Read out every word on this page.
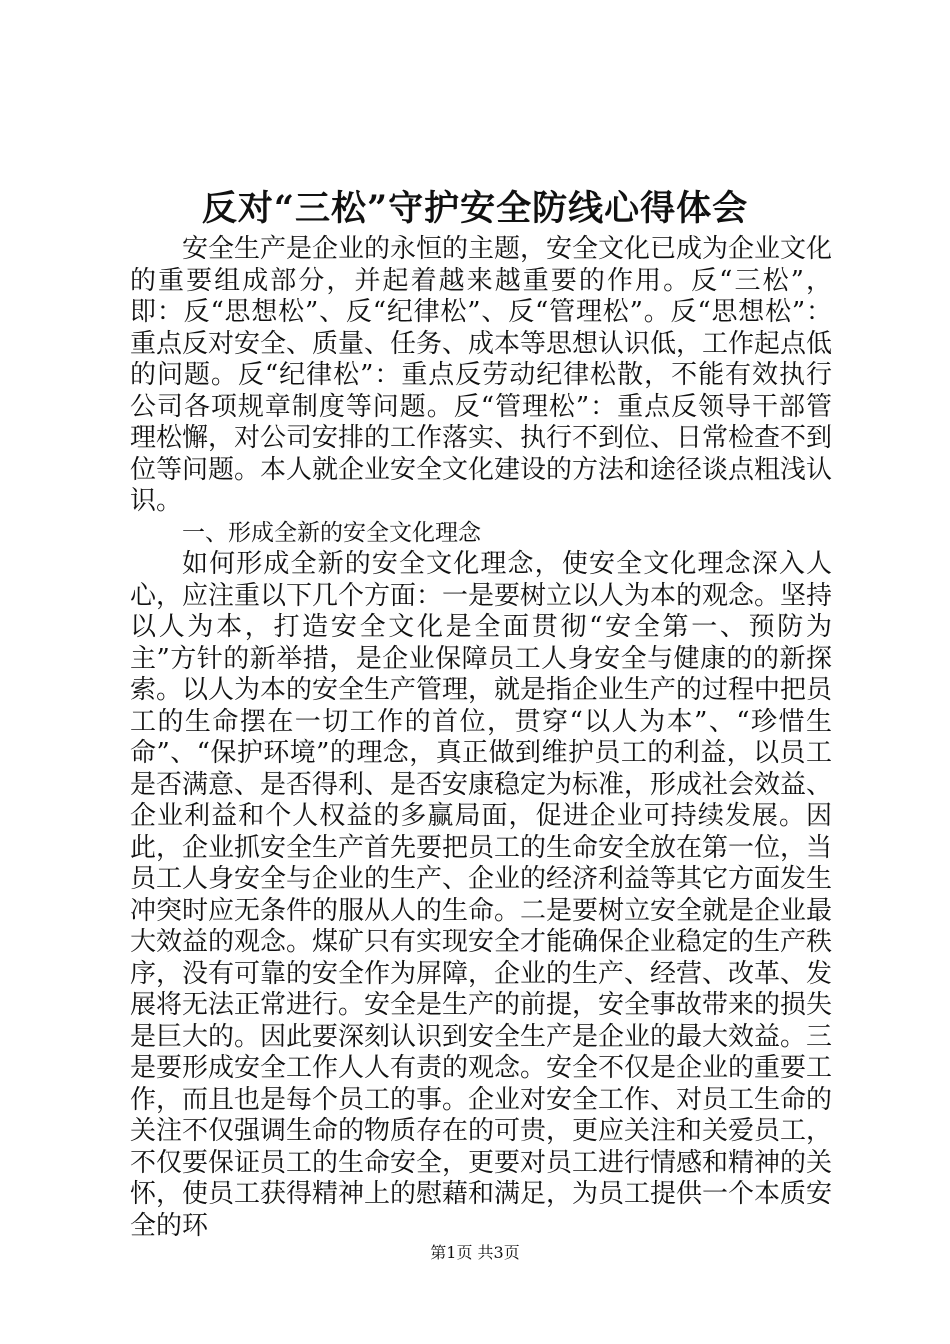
反对“三松”守护安全防线心得体会

安全生产是企业的永恒的主题，安全文化已成为企业文化的重要组成部分，并起着越来越重要的作用。反“三松”，即：反“思想松”、反“纪律松”、反“管理松”。反“思想松”：重点反对安全、质量、任务、成本等思想认识低，工作起点低的问题。反“纪律松”：重点反劳动纪律松散，不能有效执行公司各项规章制度等问题。反“管理松”：重点反领导干部管理松懈，对公司安排的工作落实、执行不到位、日常检查不到位等问题。本人就企业安全文化建设的方法和途径谈点粗浅认识。

一、形成全新的安全文化理念

如何形成全新的安全文化理念，使安全文化理念深入人心，应注重以下几个方面：一是要树立以人为本的观念。坚持以人为本，打造安全文化是全面贯彻“安全第一、预防为主”方针的新举措，是企业保障员工人身安全与健康的的新探索。以人为本的安全生产管理，就是指企业生产的过程中把员工的生命摆在一切工作的首位，贯穿“以人为本”、“珍惜生命”、“保护环境”的理念，真正做到维护员工的利益，以员工是否满意、是否得利、是否安康稳定为标准，形成社会效益、企业利益和个人权益的多赢局面，促进企业可持续发展。因此，企业抓安全生产首先要把员工的生命安全放在第一位，当员工人身安全与企业的生产、企业的经济利益等其它方面发生冲突时应无条件的服从人的生命。二是要树立安全就是企业最大效益的观念。煤矿只有实现安全才能确保企业稳定的生产秩序，没有可靠的安全作为屏障，企业的生产、经营、改革、发展将无法正常进行。安全是生产的前提，安全事故带来的损失是巨大的。因此要深刻认识到安全生产是企业的最大效益。三是要形成安全工作人人有责的观念。安全不仅是企业的重要工作，而且也是每个员工的事。企业对安全工作、对员工生命的关注不仅强调生命的物质存在的可贵，更应关注和关爱员工，不仅要保证员工的生命安全，更要对员工进行情感和精神的关怀，使员工获得精神上的慰藉和满足，为员工提供一个本质安全的环

第1页 共3页
